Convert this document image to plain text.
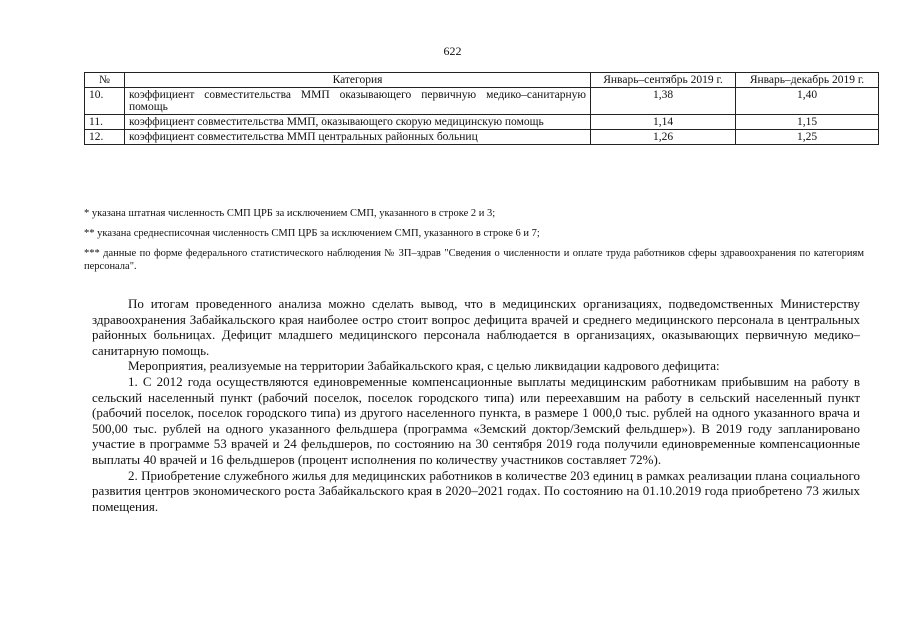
622
№	Категория	Январь–сентябрь 2019 г.	Январь–декабрь 2019 г.
10.	коэффициент совместительства ММП оказывающего первичную медико–санитарную помощь	1,38	1,40
11.	коэффициент совместительства ММП, оказывающего скорую медицинскую помощь	1,14	1,15
12.	коэффициент совместительства ММП центральных районных больниц	1,26	1,25

* указана штатная численность СМП ЦРБ за исключением СМП, указанного в строке 2 и 3;

** указана среднесписочная численность СМП ЦРБ за исключением СМП, указанного в строке 6 и 7;

*** данные по форме федерального статистического наблюдения № ЗП–здрав "Сведения о численности и оплате труда работников сферы здравоохранения по категориям персонала".

По итогам проведенного анализа можно сделать вывод, что в медицинских организациях, подведомственных Министерству здравоохранения Забайкальского края наиболее остро стоит вопрос дефицита врачей и среднего медицинского персонала в центральных районных больницах. Дефицит младшего медицинского персонала наблюдается в организациях, оказывающих первичную медико–санитарную помощь.

Мероприятия, реализуемые на территории Забайкальского края, с целью ликвидации кадрового дефицита:

1. С 2012 года осуществляются единовременные компенсационные выплаты медицинским работникам прибывшим на работу в сельский населенный пункт (рабочий поселок, поселок городского типа) или переехавшим на работу в сельский населенный пункт (рабочий поселок, поселок городского типа) из другого населенного пункта, в размере 1 000,0 тыс. рублей на одного указанного врача и 500,00 тыс. рублей на одного указанного фельдшера (программа «Земский доктор/Земский фельдшер»). В 2019 году запланировано участие в программе 53 врачей и 24 фельдшеров, по состоянию на 30 сентября 2019 года получили единовременные компенсационные выплаты 40 врачей и 16 фельдшеров (процент исполнения по количеству участников составляет 72%).

2. Приобретение служебного жилья для медицинских работников в количестве 203 единиц в рамках реализации плана социального развития центров экономического роста Забайкальского края в 2020–2021 годах. По состоянию на 01.10.2019 года приобретено 73 жилых помещения.
